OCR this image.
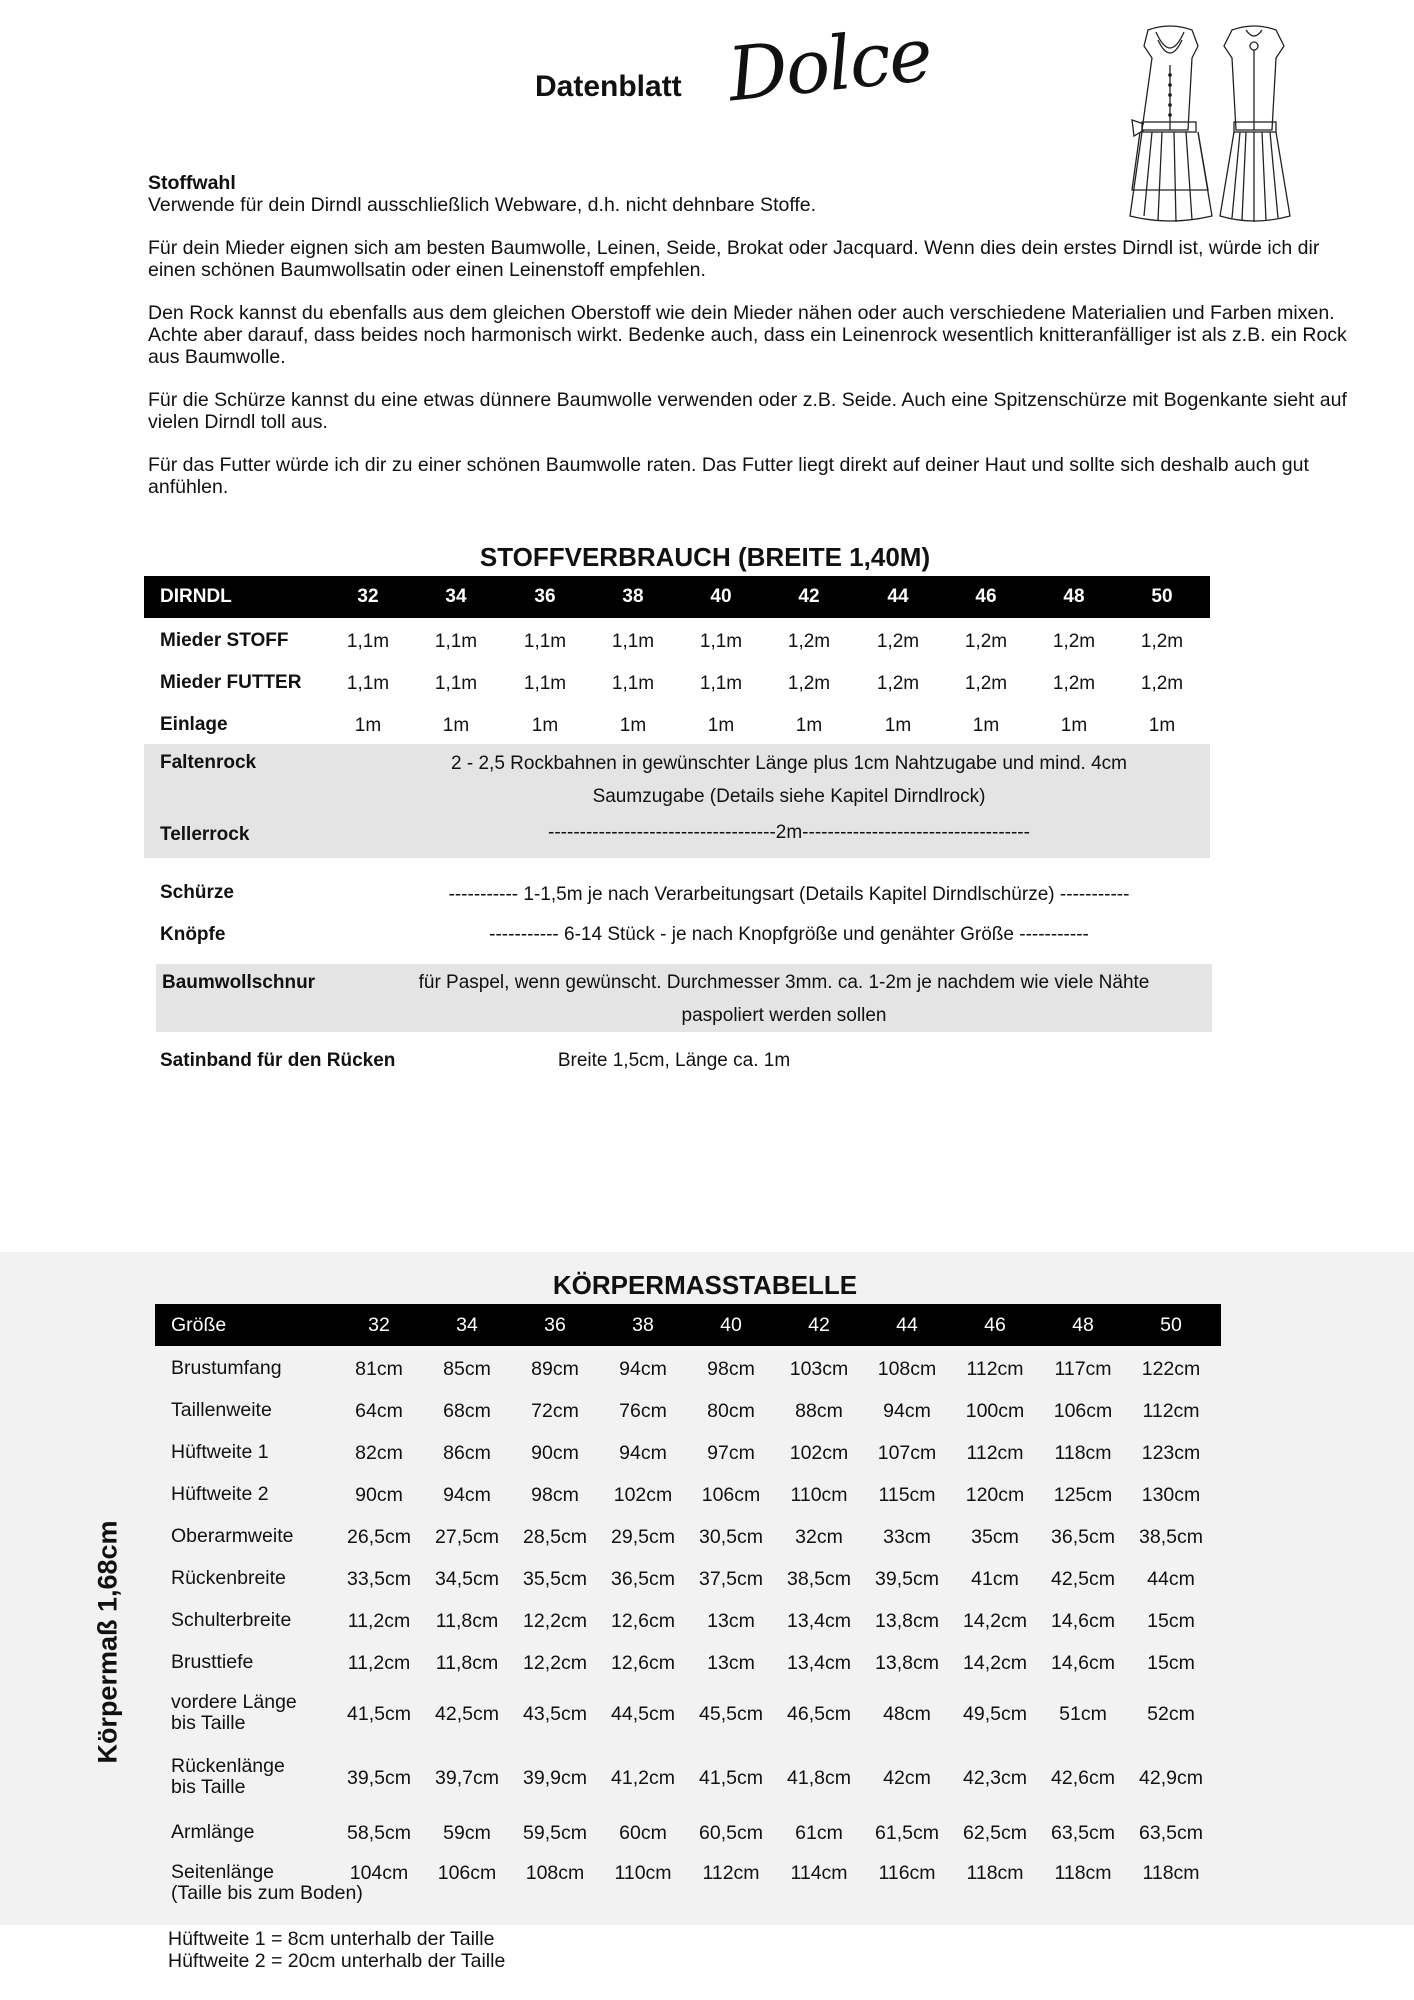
Datenblatt Dolce

Stoffwahl

Verwende für dein Dirndl ausschließlich Webware, d.h. nicht dehnbare Stoffe.

Für dein Mieder eignen sich am besten Baumwolle, Leinen, Seide, Brokat oder Jacquard. Wenn dies dein erstes Dirndl ist, würde ich dir einen schönen Baumwollsatin oder einen Leinenstoff empfehlen.

Den Rock kannst du ebenfalls aus dem gleichen Oberstoff wie dein Mieder nähen oder auch verschiedene Materialien und Farben mixen. Achte aber darauf, dass beides noch harmonisch wirkt. Bedenke auch, dass ein Leinenrock wesentlich knitteranfälliger ist als z.B. ein Rock aus Baumwolle.

Für die Schürze kannst du eine etwas dünnere Baumwolle verwenden oder z.B. Seide. Auch eine Spitzenschürze mit Bogenkante sieht auf vielen Dirndl toll aus.

Für das Futter würde ich dir zu einer schönen Baumwolle raten. Das Futter liegt direkt auf deiner Haut und sollte sich deshalb auch gut anfühlen.

STOFFVERBRAUCH (BREITE 1,40M)
DIRNDL	32	34	36	38	40	42	44	46	48	50
Mieder STOFF	1,1m	1,1m	1,1m	1,1m	1,1m	1,2m	1,2m	1,2m	1,2m	1,2m
Mieder FUTTER	1,1m	1,1m	1,1m	1,1m	1,1m	1,2m	1,2m	1,2m	1,2m	1,2m
Einlage	1m	1m	1m	1m	1m	1m	1m	1m	1m	1m
Faltenrock	2 - 2,5 Rockbahnen in gewünschter Länge plus 1cm Nahtzugabe und mind. 4cm
Saumzugabe (Details siehe Kapitel Dirndlrock)
Tellerrock	------------------------------------2m------------------------------------
Schürze	----------- 1-1,5m je nach Verarbeitungsart (Details Kapitel Dirndlschürze) -----------
Knöpfe	----------- 6-14 Stück - je nach Knopfgröße und genähter Größe -----------
Baumwollschnur	für Paspel, wenn gewünscht. Durchmesser 3mm. ca. 1-2m je nachdem wie viele Nähte
paspoliert werden sollen
Satinband für den Rücken	Breite 1,5cm, Länge ca. 1m
KÖRPERMASSTABELLE
Größe	32	34	36	38	40	42	44	46	48	50
Brustumfang	81cm	85cm	89cm	94cm	98cm	103cm	108cm	112cm	117cm	122cm
Taillenweite	64cm	68cm	72cm	76cm	80cm	88cm	94cm	100cm	106cm	112cm
Hüftweite 1	82cm	86cm	90cm	94cm	97cm	102cm	107cm	112cm	118cm	123cm
Hüftweite 2	90cm	94cm	98cm	102cm	106cm	110cm	115cm	120cm	125cm	130cm
Oberarmweite	26,5cm	27,5cm	28,5cm	29,5cm	30,5cm	32cm	33cm	35cm	36,5cm	38,5cm
Rückenbreite	33,5cm	34,5cm	35,5cm	36,5cm	37,5cm	38,5cm	39,5cm	41cm	42,5cm	44cm
Schulterbreite	11,2cm	11,8cm	12,2cm	12,6cm	13cm	13,4cm	13,8cm	14,2cm	14,6cm	15cm
Brusttiefe	11,2cm	11,8cm	12,2cm	12,6cm	13cm	13,4cm	13,8cm	14,2cm	14,6cm	15cm
vordere Länge
bis Taille	41,5cm	42,5cm	43,5cm	44,5cm	45,5cm	46,5cm	48cm	49,5cm	51cm	52cm
Rückenlänge
bis Taille	39,5cm	39,7cm	39,9cm	41,2cm	41,5cm	41,8cm	42cm	42,3cm	42,6cm	42,9cm
Armlänge	58,5cm	59cm	59,5cm	60cm	60,5cm	61cm	61,5cm	62,5cm	63,5cm	63,5cm
Seitenlänge
(Taille bis zum Boden)
104cm	106cm	108cm	110cm	112cm	114cm	116cm	118cm	118cm	118cm
Körpermaß 1,68cm
Hüftweite 1 = 8cm unterhalb der Taille
Hüftweite 2 = 20cm unterhalb der Taille
